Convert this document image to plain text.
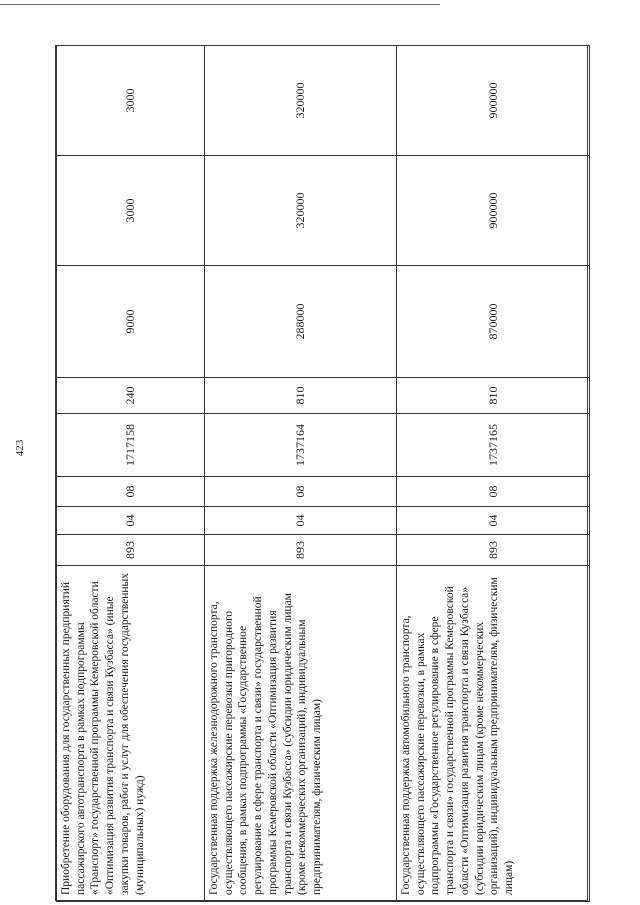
423
Приобретение оборудования для государственных предприятий пассажирского автотранспорта в рамках подпрограммы «Транспорт» государственной программы Кемеровской области «Оптимизация развития транспорта и связи Кузбасса» (иные закупки товаров, работ и услуг для обеспечения государственных (муниципальных) нужд)	893	04	08	1717158	240	9000	3000	3000
Государственная поддержка железнодорожного транспорта, осуществляющего пассажирские перевозки пригородного сообщения, в рамках подпрограммы «Государственное регулирование в сфере транспорта и связи» государственной программы Кемеровской области «Оптимизация развития транспорта и связи Кузбасса» (субсидии юридическим лицам (кроме некоммерческих организаций), индивидуальным предпринимателям, физическим лицам)	893	04	08	1737164	810	288000	320000	320000
Государственная поддержка автомобильного транспорта, осуществляющего пассажирские перевозки, в рамках подпрограммы «Государственное регулирование в сфере транспорта и связи» государственной программы Кемеровской области «Оптимизация развития транспорта и связи Кузбасса» (субсидии юридическим лицам (кроме некоммерческих организаций), индивидуальным предпринимателям, физическим лицам)	893	04	08	1737165	810	870000	900000	900000
